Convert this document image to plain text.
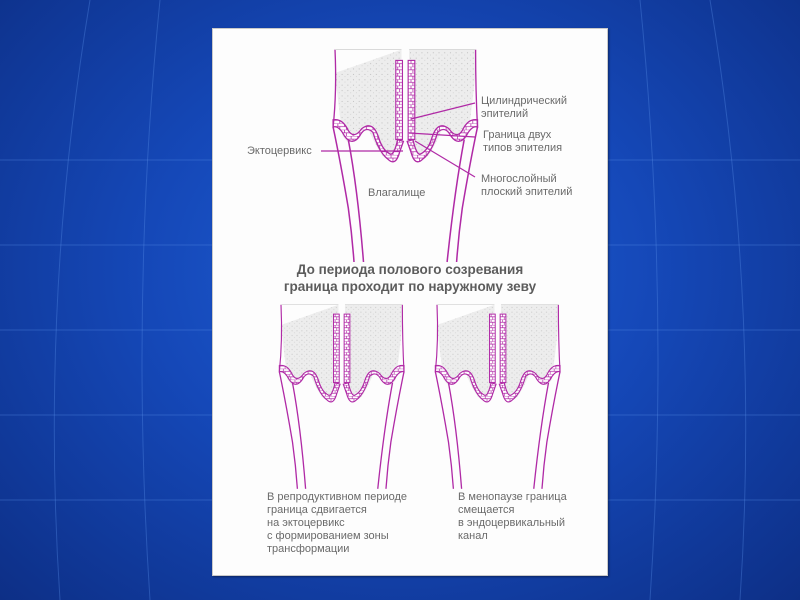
Цилиндрический
эпителий
Граница двух
типов эпителия
Многослойный
плоский эпителий
Эктоцервикс
Влагалище
До периода полового созревания
граница проходит по наружному зеву
В репродуктивном периоде
граница сдвигается
на эктоцервикс
с формированием зоны
трансформации
В менопаузе граница
смещается
в эндоцервикальный
канал
